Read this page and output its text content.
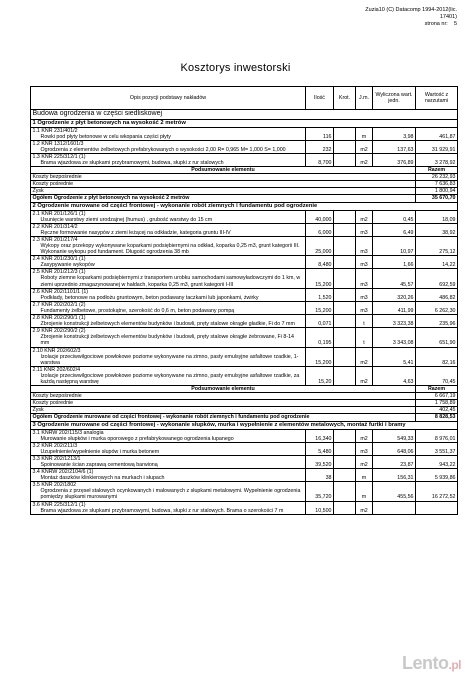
Zuzia10 (C) Datacomp 1994-2012(lic.
17401)
strona nr: 5
Kosztorys inwestorski
Opis pozycji podstawy nakładów	Ilość	Krot.	J.m.	Wyliczona wart. jedn.	Wartość z narzutami
Budowa ogrodzenia w części siedliskowej					
1 Ogrodzenie z płyt betonowych na wysokość 2 metrów					

1.1 KNR 231/401/2
Rowki pod płyty betonowe w celu wkopania części płyty	116		m	3,98	461,87

1.2 KNR 1312/1601/3
Ogrodzenia z elementów żelbetowych prefabrykowanych o wysokości 2,00 R= 0,965 M= 1,000 S= 1,000	232		m2	137,63	31 929,91

1.3 KNR 225/312/1 (1)
Brama wjazdowa ze słupkami przybramowymi, budowa, słupki z rur stalowych	8,700		m2	376,89	3 278,92
Podsumowanie elementu					Razem
Koszty bezpośrednie					26 232,93
Koszty pośrednie					7 636,83
Zysk					1 800,94
Ogółem Ogrodzenie z płyt betonowych na wysokość 2 metrów					35 670,70
2 Ogrodzenie murowane od części frontowej - wykonanie robót ziemnych i fundamentu pod ogrodzenie					

2.1 KNR 201/126/1 (1)
Usunięcie warstwy ziemi urodzajnej (humus) , grubość warstwy do 15 cm	40,000		m2	0,45	18,09

2.2 KNR 201/314/2
Ręczne formowanie nasypów z ziemi leżącej na odkładzie, kategoria gruntu III-IV	6,000		m3	6,49	38,92

2.3 KNR 201/217/4
Wykopy oraz przekopy wykonywane koparkami podsiębiernymi na odkład, koparka 0,25 m3, grunt kategorii III. Wykonanie wykopu pod fundament. Długość ogrodzenia 38 mb	25,000		m3	10,97	275,12

2.4 KNR 201/230/1 (1)
Zasypywanie wykopów	8,480		m3	1,66	14,22

2.5 KNR 201/212/3 (1)
Roboty ziemne koparkami podsiębiernymi z transportem urobku samochodami samowyładowczymi do 1 km, w ziemi uprzednio zmagazynowanej w hałdach, koparka 0,25 m3, grunt kategorii I-III	15,200		m3	45,57	692,59

2.6 KNR 202/1101/1 (1)
Podkłady, betonowe na podłożu gruntowym, beton podawany taczkami lub japonkami, żwirky	1,520		m3	320,26	486,82

2.7 KNR 202/202/1 (2)
Fundamenty żelbetowe, prostokątne, szerokość do 0,6 m, beton podawany pompą	15,200		m3	411,99	6 262,30

2.8 KNR 202/290/1 (1)
Zbrojenie konstrukcji żelbetowych elementów budynków i budowli, pręty stalowe okrągłe gładkie, Fi do 7 mm	0,071		t	3 323,38	235,96

2.9 KNR 202/290/2 (2)
Zbrojenie konstrukcji żelbetowych elementów budynków i budowli, pręty stalowe okrągłe żebrowane, Fi 8-14 mm	0,195		t	3 343,08	651,90

2.10 KNR 202/602/3
Izolacje przeciwwilgociowe powłokowe poziome wykonywane na zimno, pasty emulsyjne asfaltowe rzadkie, 1-warstwa	15,200		m2	5,41	82,16

2.11 KNR 202/602/4
Izolacje przeciwwilgociowe powłokowe poziome wykonywane na zimno, pasty emulsyjne asfaltowe rzadkie, za każdą następną warstwę	15,20		m2	4,63	70,45
Podsumowanie elementu					Razem
Koszty bezpośrednie					6 667,19
Koszty pośrednie					1 758,89
Zysk					402,45
Ogółem Ogrodzenie murowane od części frontowej - wykonanie robót ziemnych i fundamentu pod ogrodzenie					8 828,53
3 Ogrodzenie murowane od części frontowej - wykonanie słupków, murka i wypełnienie z elementów metalowych, montaż furtki i bramy					

3.1 KNRW 202/115/3 analogia
Murowanie słupków i murka oporowego z prefabrykowanego ogrodzenia łupanego	16,340		m2	549,33	8 976,01

3.2 KNR 202/211/3
Uzupełnienie/wypełnienie słupów i murka betonem	5,480		m3	648,06	3 551,37

3.3 KNR 202/1213/1
Spoinowanie ścian zaprawą cementową barwioną	39,520		m2	23,87	943,22

3.4 KNRW 202/2104/6 (1)
Montaż daszków klinkierowych na murkach i słupach	38		m	156,31	5 939,86

3.5 KNR 202/1802
Ogrodzenia z przęseł stalowych ocynkowanych i malowanych z słupkami metalowymi. Wypełnienie ogrodzenia pomiędzy słupkami murowanymi	35,720		m	455,56	16 272,52

3.6 KNR 225/312/1 (1)
Brama wjazdowa ze słupkami przybramowymi, budowa, słupki z rur stalowych. Brama o szerokości 7 m	10,500		m2		
Lento.pl
